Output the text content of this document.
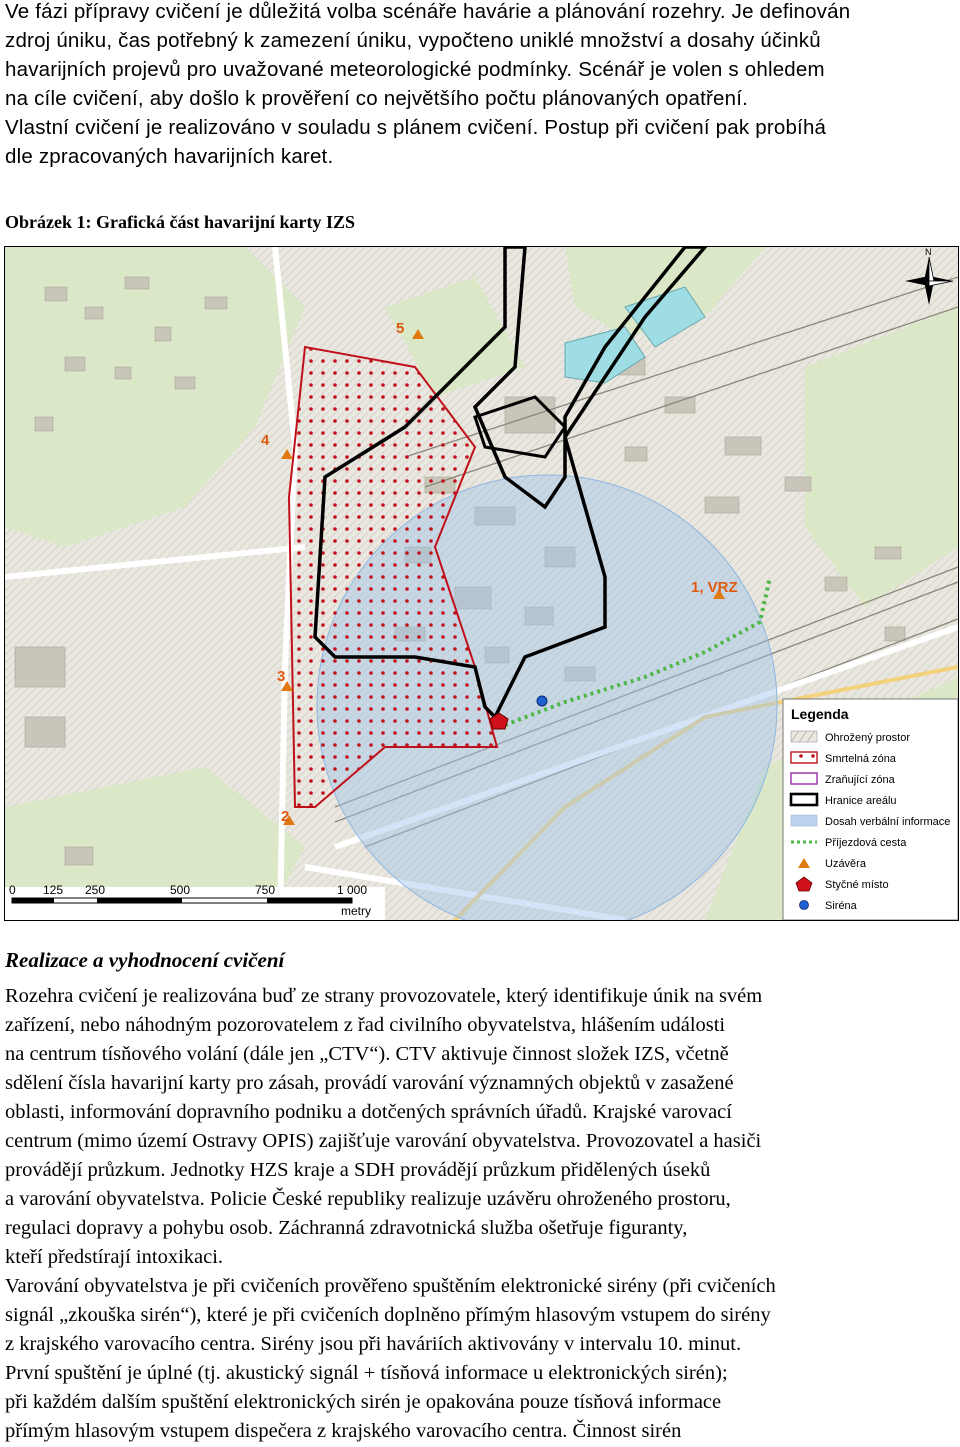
Ve fázi přípravy cvičení je důležitá volba scénáře havárie a plánování rozehry. Je definován
zdroj úniku, čas potřebný k zamezení úniku, vypočteno uniklé množství a dosahy účinků
havarijních projevů pro uvažované meteorologické podmínky. Scénář je volen s ohledem
na cíle cvičení, aby došlo k prověření co největšího počtu plánovaných opatření.
Vlastní cvičení je realizováno v souladu s plánem cvičení. Postup při cvičení pak probíhá
dle zpracovaných havarijních karet.
Obrázek 1: Grafická část havarijní karty IZS
5
4
3
2
1, VRZ
N
0 125 250	500	750	1 000
metry
Legenda
Ohrožený prostor
Smrtelná zóna
Zraňující zóna
Hranice areálu
Dosah verbální informace
Příjezdová cesta
Uzávěra
Styčné místo
Siréna
Realizace a vyhodnocení cvičení
Rozehra cvičení je realizována buď ze strany provozovatele, který identifikuje únik na svém
zařízení, nebo náhodným pozorovatelem z řad civilního obyvatelstva, hlášením události
na centrum tísňového volání (dále jen „CTV“). CTV aktivuje činnost složek IZS, včetně
sdělení čísla havarijní karty pro zásah, provádí varování významných objektů v zasažené
oblasti, informování dopravního podniku a dotčených správních úřadů. Krajské varovací
centrum (mimo území Ostravy OPIS) zajišťuje varování obyvatelstva. Provozovatel a hasiči
provádějí průzkum. Jednotky HZS kraje a SDH provádějí průzkum přidělených úseků
a varování obyvatelstva. Policie České republiky realizuje uzávěru ohroženého prostoru,
regulaci dopravy a pohybu osob. Záchranná zdravotnická služba ošetřuje figuranty,
kteří předstírají intoxikaci.
Varování obyvatelstva je při cvičeních prověřeno spuštěním elektronické sirény (při cvičeních
signál „zkouška sirén“), které je při cvičeních doplněno přímým hlasovým vstupem do sirény
z krajského varovacího centra. Sirény jsou při haváriích aktivovány v intervalu 10. minut.
První spuštění je úplné (tj. akustický signál + tísňová informace u elektronických sirén);
při každém dalším spuštění elektronických sirén je opakována pouze tísňová informace
přímým hlasovým vstupem dispečera z krajského varovacího centra. Činnost sirén
